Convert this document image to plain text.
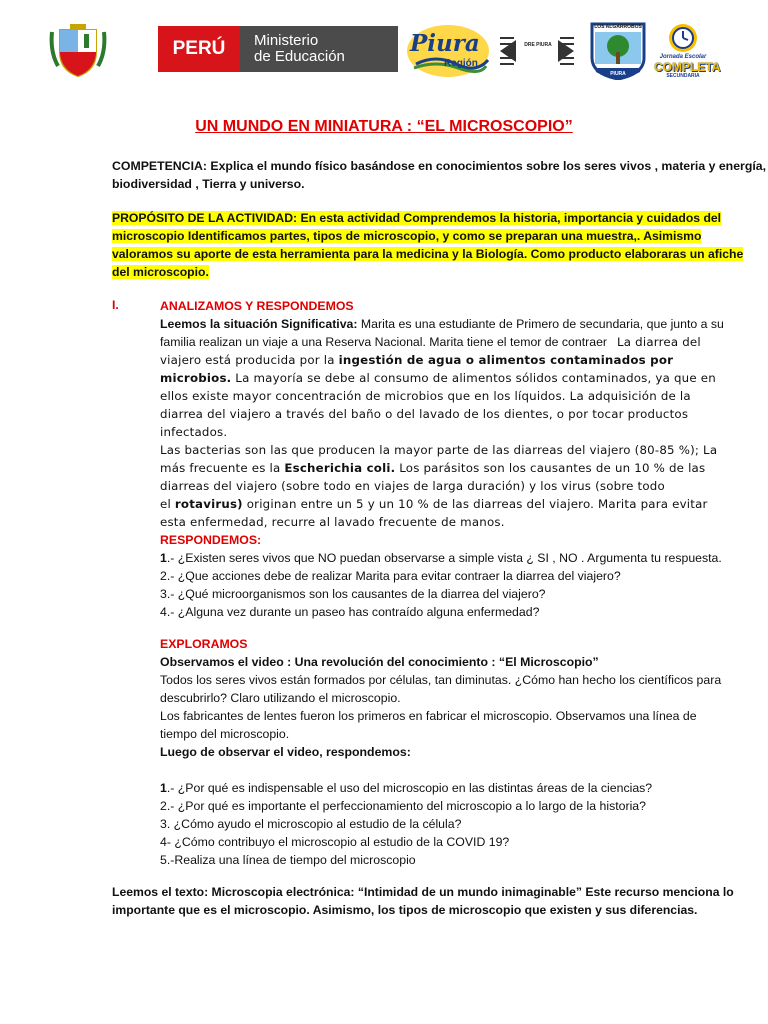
PERÚ	Ministerio
de Educación	Piura
Región
DRE PIURA
LOS ALGARROBOS
PIURA
Jornada Escolar
COMPLETA
SECUNDARIA
UN MUNDO EN MINIATURA : “EL MICROSCOPIO”
COMPETENCIA: Explica el mundo físico basándose en conocimientos sobre los seres vivos , materia y energía,
biodiversidad , Tierra y universo.
PROPÓSITO DE LA ACTIVIDAD: En esta actividad Comprendemos la historia, importancia y cuidados del
microscopio Identificamos partes, tipos de microscopio, y como se preparan una muestra,. Asimismo
valoramos su aporte de esta herramienta para la medicina y la Biología. Como producto elaboraras un afiche
del microscopio.
I.	ANALIZAMOS Y RESPONDEMOS
Leemos la situación Significativa: Marita es una estudiante de Primero de secundaria, que junto a su
familia realizan un viaje a una Reserva Nacional. Marita tiene el temor de contraer La diarrea del
viajero está producida por la ingestión de agua o alimentos contaminados por
microbios. La mayoría se debe al consumo de alimentos sólidos contaminados, ya que en
ellos existe mayor concentración de microbios que en los líquidos. La adquisición de la
diarrea del viajero a través del baño o del lavado de los dientes, o por tocar productos
infectados.
Las bacterias son las que producen la mayor parte de las diarreas del viajero (80-85 %); La
más frecuente es la Escherichia coli. Los parásitos son los causantes de un 10 % de las
diarreas del viajero (sobre todo en viajes de larga duración) y los virus (sobre todo
el rotavirus) originan entre un 5 y un 10 % de las diarreas del viajero. Marita para evitar
esta enfermedad, recurre al lavado frecuente de manos.
RESPONDEMOS:
1.- ¿Existen seres vivos que NO puedan observarse a simple vista ¿ SI , NO . Argumenta tu respuesta.
2.- ¿Que acciones debe de realizar Marita para evitar contraer la diarrea del viajero?
3.- ¿Qué microorganismos son los causantes de la diarrea del viajero?
4.- ¿Alguna vez durante un paseo has contraído alguna enfermedad?
EXPLORAMOS
Observamos el video : Una revolución del conocimiento : “El Microscopio”
Todos los seres vivos están formados por células, tan diminutas. ¿Cómo han hecho los científicos para
descubrirlo? Claro utilizando el microscopio.
Los fabricantes de lentes fueron los primeros en fabricar el microscopio. Observamos una línea de
tiempo del microscopio.
Luego de observar el video, respondemos:
1.- ¿Por qué es indispensable el uso del microscopio en las distintas áreas de la ciencias?
2.- ¿Por qué es importante el perfeccionamiento del microscopio a lo largo de la historia?
3. ¿Cómo ayudo el microscopio al estudio de la célula?
4- ¿Cómo contribuyo el microscopio al estudio de la COVID 19?
5.-Realiza una línea de tiempo del microscopio
Leemos el texto: Microscopia electrónica: “Intimidad de un mundo inimaginable” Este recurso menciona lo
importante que es el microscopio. Asimismo, los tipos de microscopio que existen y sus diferencias.
